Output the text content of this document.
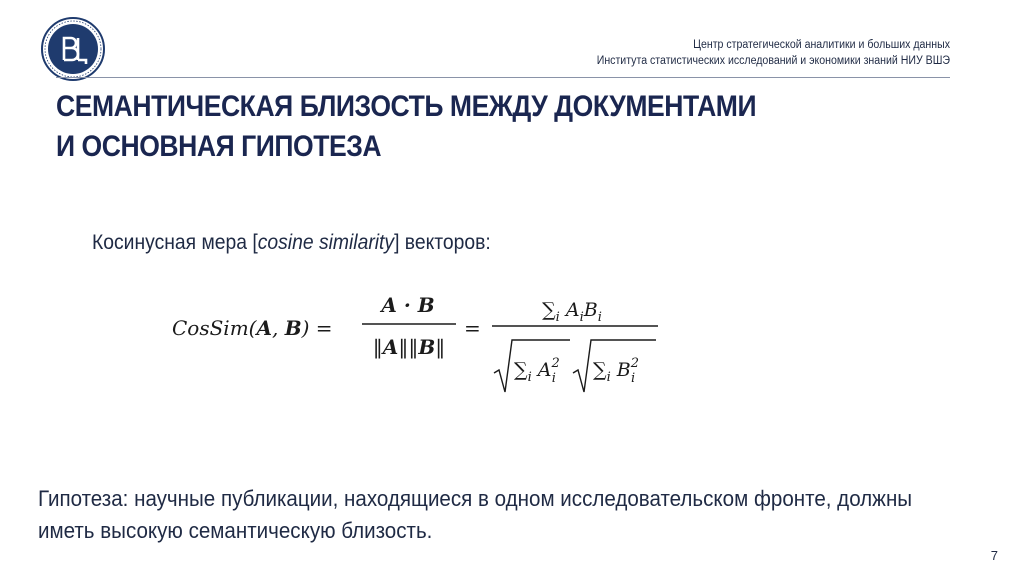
Центр стратегической аналитики и больших данных
Института статистических исследований и экономики знаний НИУ ВШЭ
СЕМАНТИЧЕСКАЯ БЛИЗОСТЬ МЕЖДУ ДОКУМЕНТАМИ
И ОСНОВНАЯ ГИПОТЕЗА
Косинусная мера [cosine similarity] векторов:
CosSim(A, B) =
A · B
‖A‖‖B‖
=
$\sum_i$ $A_iB_i$
$\sum_i$ $A^2$ i $\sum_i$ $B^2$ i

Гипотеза: научные публикации, находящиеся в одном исследовательском фронте, должны иметь высокую семантическую близость.

7
